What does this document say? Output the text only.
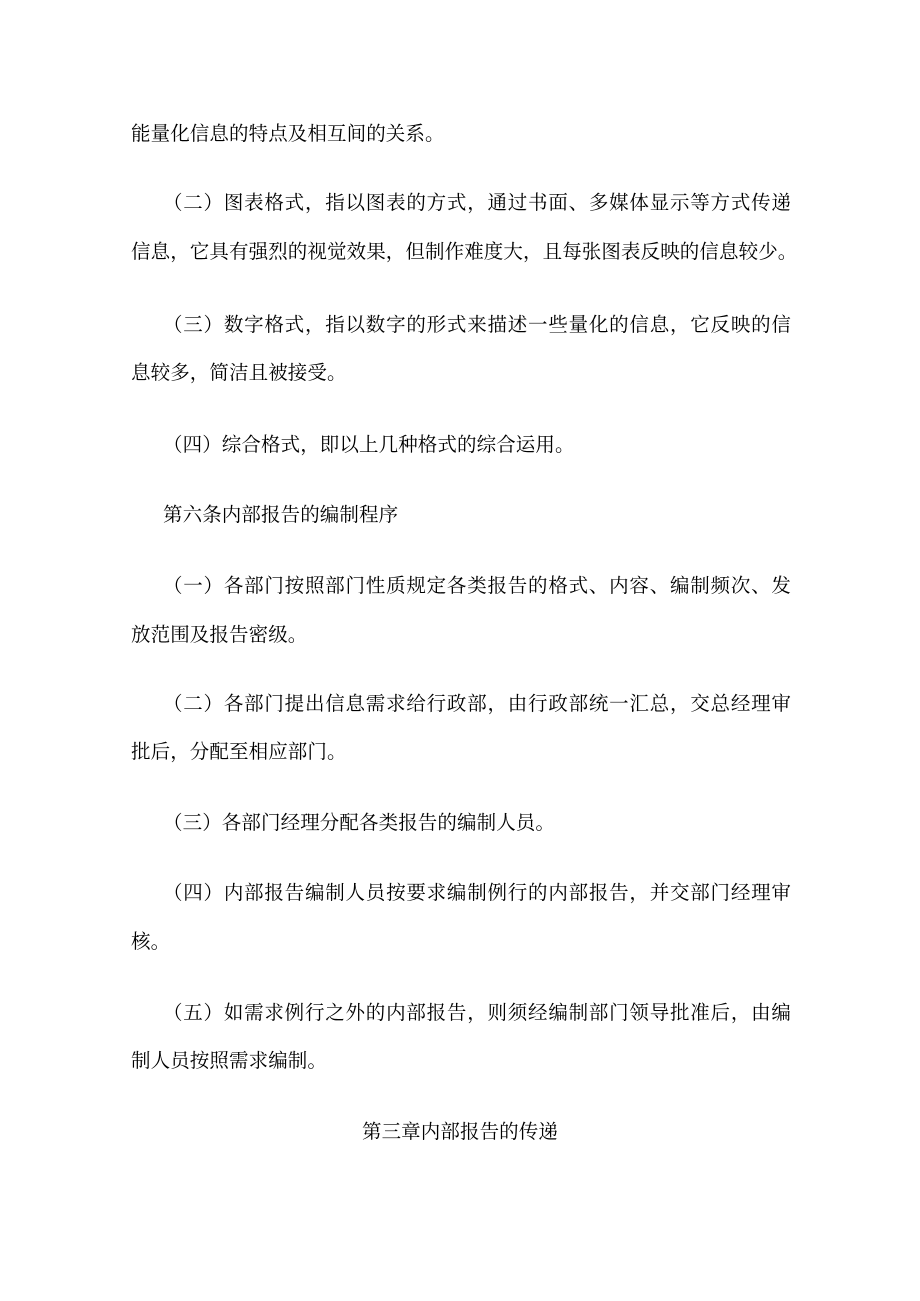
能量化信息的特点及相互间的关系。
（二）图表格式，指以图表的方式，通过书面、多媒体显示等方式传递
信息，它具有强烈的视觉效果，但制作难度大，且每张图表反映的信息较少。
（三）数字格式，指以数字的形式来描述一些量化的信息，它反映的信
息较多，简洁且被接受。
（四）综合格式，即以上几种格式的综合运用。
第六条内部报告的编制程序
（一）各部门按照部门性质规定各类报告的格式、内容、编制频次、发
放范围及报告密级。
（二）各部门提出信息需求给行政部，由行政部统一汇总，交总经理审
批后，分配至相应部门。
（三）各部门经理分配各类报告的编制人员。
（四）内部报告编制人员按要求编制例行的内部报告，并交部门经理审
核。
（五）如需求例行之外的内部报告，则须经编制部门领导批准后，由编
制人员按照需求编制。
第三章内部报告的传递
